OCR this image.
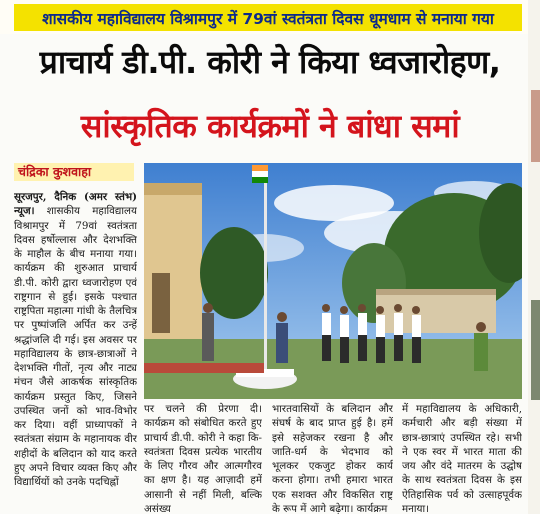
शासकीय महाविद्यालय विश्रामपुर में 79वां स्वतंत्रता दिवस धूमधाम से मनाया गया
प्राचार्य डी.पी. कोरी ने किया ध्वजारोहण,
सांस्कृतिक कार्यक्रमों ने बांधा समां
चंद्रिका कुशवाहा
सूरजपुर, दैनिक (अमर स्तंभ) न्यूज। शासकीय महाविद्यालय विश्रामपुर में 79वां स्वतंत्रता दिवस हर्षोल्लास और देशभक्ति के माहौल के बीच मनाया गया। कार्यक्रम की शुरुआत प्राचार्य डी.पी. कोरी द्वारा ध्वजारोहण एवं राष्ट्रगान से हुई। इसके पश्चात राष्ट्रपिता महात्मा गांधी के तैलचित्र पर पुष्पांजलि अर्पित कर उन्हें श्रद्धांजलि दी गई। इस अवसर पर महाविद्यालय के छात्र-छात्राओं ने देशभक्ति गीतों, नृत्य और नाट्य मंचन जैसे आकर्षक सांस्कृतिक कार्यक्रम प्रस्तुत किए, जिसने उपस्थित जनों को भाव-विभोर कर दिया। वहीं प्राध्यापकों ने स्वतंत्रता संग्राम के महानायक वीर शहीदों के बलिदान को याद करते हुए अपने विचार व्यक्त किए और विद्यार्थियों को उनके पदचिह्नों
पर चलने की प्रेरणा दी। कार्यक्रम को संबोधित करते हुए प्राचार्य डी.पी. कोरी ने कहा कि- स्वतंत्रता दिवस प्रत्येक भारतीय के लिए गौरव और आत्मगौरव का क्षण है। यह आज़ादी हमें आसानी से नहीं मिली, बल्कि असंख्य
भारतवासियों के बलिदान और संघर्ष के बाद प्राप्त हुई है। हमें इसे सहेजकर रखना है और जाति-धर्म के भेदभाव को भूलकर एकजुट होकर कार्य करना होगा। तभी हमारा भारत एक सशक्त और विकसित राष्ट्र के रूप में आगे बढ़ेगा। कार्यक्रम
में महाविद्यालय के अधिकारी, कर्मचारी और बड़ी संख्या में छात्र-छात्राएं उपस्थित रहे। सभी ने एक स्वर में भारत माता की जय और वंदे मातरम के उद्घोष के साथ स्वतंत्रता दिवस के इस ऐतिहासिक पर्व को उत्साहपूर्वक मनाया।
